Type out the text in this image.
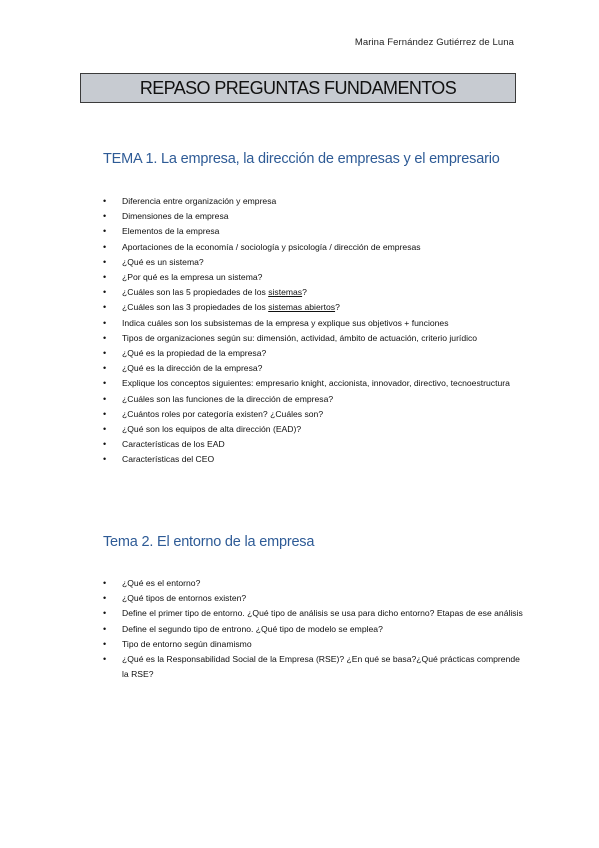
Marina Fernández Gutiérrez de Luna
REPASO PREGUNTAS FUNDAMENTOS
TEMA 1. La empresa, la dirección de empresas y el empresario
• Diferencia entre organización y empresa
• Dimensiones de la empresa
• Elementos de la empresa
• Aportaciones de la economía / sociología y psicología / dirección de empresas
• ¿Qué es un sistema?
• ¿Por qué es la empresa un sistema?
• ¿Cuáles son las 5 propiedades de los sistemas?
• ¿Cuáles son las 3 propiedades de los sistemas abiertos?
• Indica cuáles son los subsistemas de la empresa y explique sus objetivos + funciones
• Tipos de organizaciones según su: dimensión, actividad, ámbito de actuación, criterio jurídico
• ¿Qué es la propiedad de la empresa?
• ¿Qué es la dirección de la empresa?
• Explique los conceptos siguientes: empresario knight, accionista, innovador, directivo, tecnoestructura
• ¿Cuáles son las funciones de la dirección de empresa?
• ¿Cuántos roles por categoría existen? ¿Cuáles son?
• ¿Qué son los equipos de alta dirección (EAD)?
• Características de los EAD
• Características del CEO
Tema 2. El entorno de la empresa
• ¿Qué es el entorno?
• ¿Qué tipos de entornos existen?
• Define el primer tipo de entorno. ¿Qué tipo de análisis se usa para dicho entorno? Etapas de ese análisis
• Define el segundo tipo de entrono. ¿Qué tipo de modelo se emplea?
• Tipo de entorno según dinamismo
• ¿Qué es la Responsabilidad Social de la Empresa (RSE)? ¿En qué se basa?¿Qué prácticas comprende la RSE?
